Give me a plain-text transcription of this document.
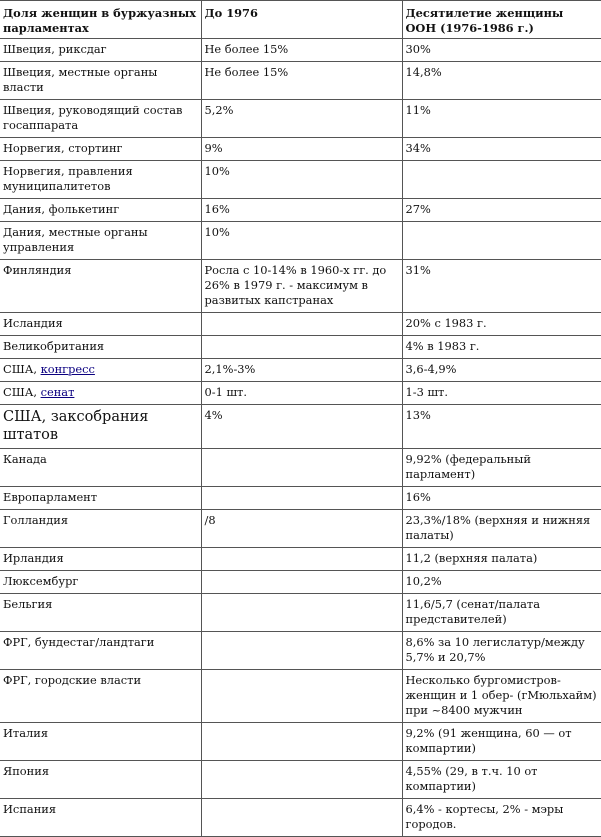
Доля женщин в буржуазных парламентах	До 1976	Десятилетие женщины ООН (1976-1986 г.)
Швеция, риксдаг	Не более 15%	30%
Швеция, местные органы власти	Не более 15%	14,8%
Швеция, руководящий состав госаппарата	5,2%	11%
Норвегия, стортинг	9%	34%
Норвегия, правления муниципалитетов	10%	
Дания, фолькетинг	16%	27%
Дания, местные органы управления	10%	
Финляндия	Росла с 10-14% в 1960-х гг. до 26% в 1979 г. - максимум в развитых капстранах	31%
Исландия		20% с 1983 г.
Великобритания		4% в 1983 г.
США, конгресс	2,1%-3%	3,6-4,9%
США, сенат	0-1 шт.	1-3 шт.
США, заксобрания штатов	4%	13%
Канада		9,92% (федеральный парламент)
Европарламент		16%
Голландия	/8	23,3%/18% (верхняя и нижняя палаты)
Ирландия		11,2 (верхняя палата)
Люксембург		10,2%
Бельгия		11,6/5,7 (сенат/палата представителей)
ФРГ, бундестаг/ландтаги		8,6% за 10 легислатур/между 5,7% и 20,7%
ФРГ, городские власти		Несколько бургомистров-женщин и 1 обер- (гМюльхайм) при ~8400 мужчин
Италия		9,2% (91 женщина, 60 — от компартии)
Япония		4,55% (29, в т.ч. 10 от компартии)
Испания		6,4% - кортесы, 2% - мэры городов.
